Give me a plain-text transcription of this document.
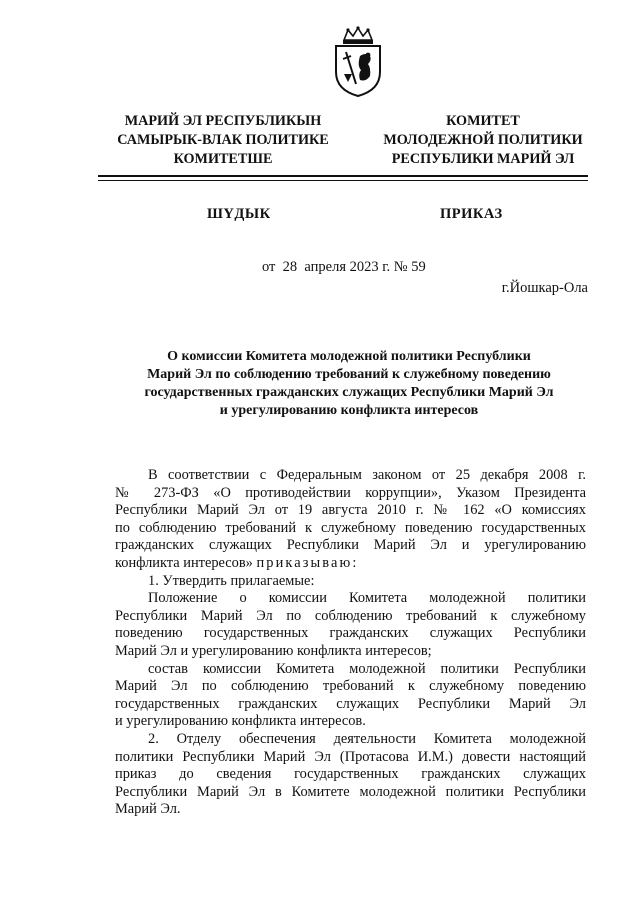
МАРИЙ ЭЛ РЕСПУБЛИКЫН
САМЫРЫК-ВЛАК ПОЛИТИКЕ
КОМИТЕТШЕ
КОМИТЕТ
МОЛОДЕЖНОЙ ПОЛИТИКИ
РЕСПУБЛИКИ МАРИЙ ЭЛ
ШҮДЫК	ПРИКАЗ
от  28  апреля 2023 г. № 59
г.Йошкар-Ола
О комиссии Комитета молодежной политики Республики
Марий Эл по соблюдению требований к служебному поведению
государственных гражданских служащих Республики Марий Эл
и урегулированию конфликта интересов
В соответствии с Федеральным законом от 25 декабря 2008 г.
№ 273-ФЗ «О противодействии коррупции», Указом Президента
Республики Марий Эл от 19 августа 2010 г. № 162 «О комиссиях
по соблюдению требований к служебному поведению государственных
гражданских служащих Республики Марий Эл и урегулированию
конфликта интересов» приказываю:
1. Утвердить прилагаемые:
Положение о комиссии Комитета молодежной политики
Республики Марий Эл по соблюдению требований к служебному
поведению государственных гражданских служащих Республики
Марий Эл и урегулированию конфликта интересов;
состав комиссии Комитета молодежной политики Республики
Марий Эл по соблюдению требований к служебному поведению
государственных гражданских служащих Республики Марий Эл
и урегулированию конфликта интересов.
2. Отделу обеспечения деятельности Комитета молодежной
политики Республики Марий Эл (Протасова И.М.) довести настоящий
приказ до сведения государственных гражданских служащих
Республики Марий Эл в Комитете молодежной политики Республики
Марий Эл.
